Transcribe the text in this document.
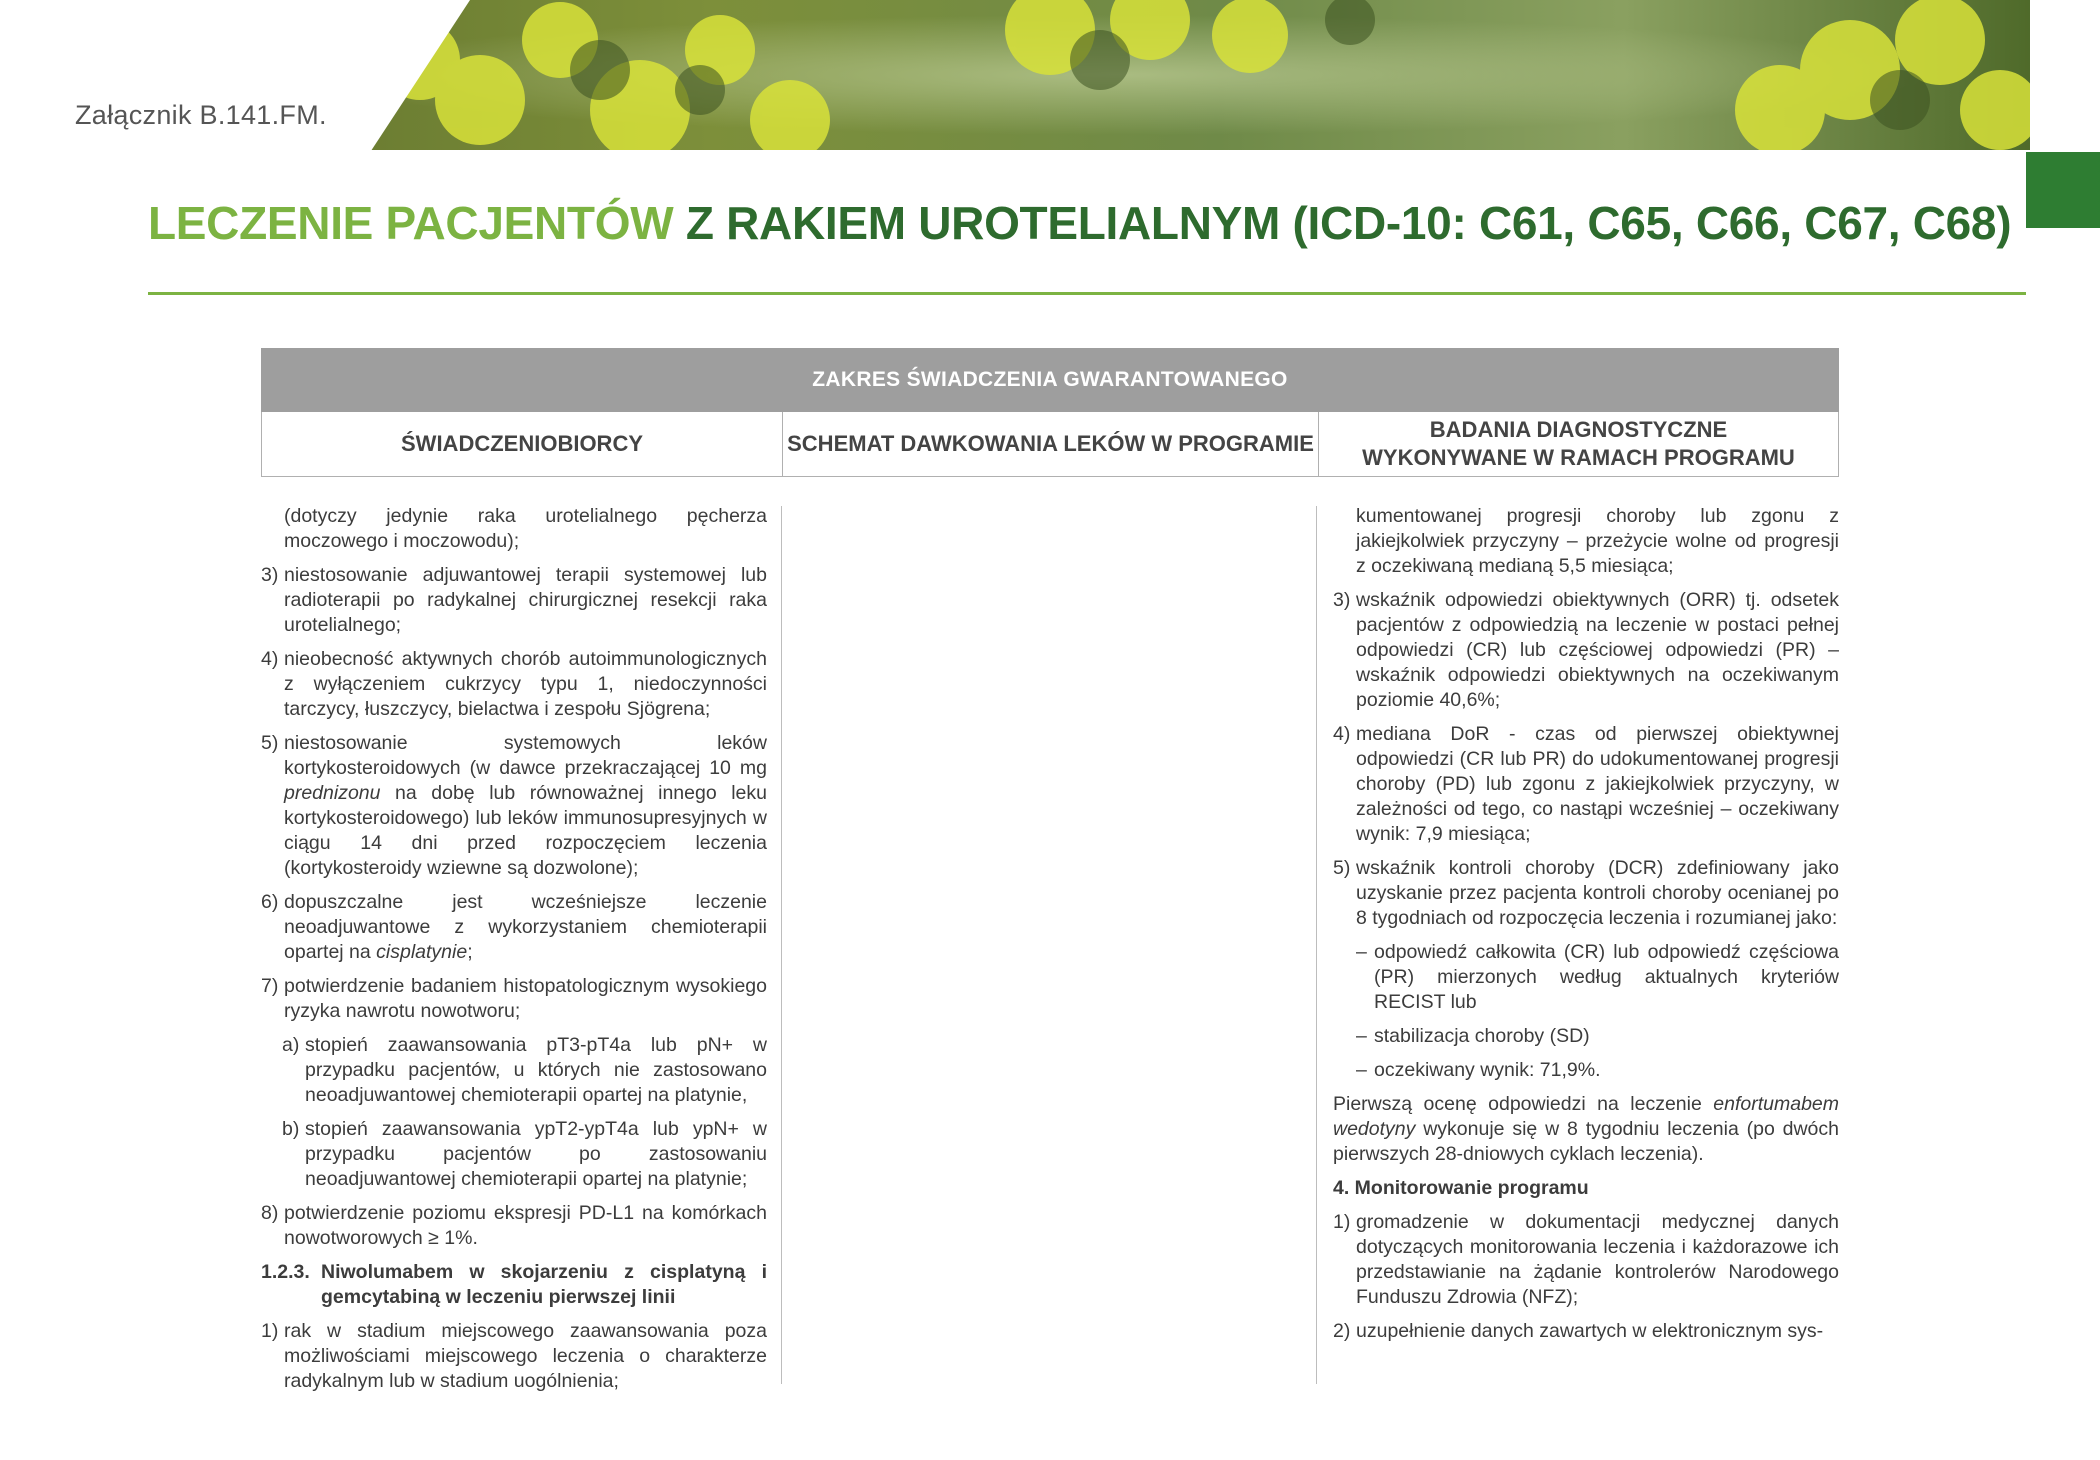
Załącznik B.141.FM.
LECZENIE PACJENTÓW Z RAKIEM UROTELIALNYM (ICD-10: C61, C65, C66, C67, C68)
ZAKRES ŚWIADCZENIA GWARANTOWANEGO
ŚWIADCZENIOBIORCY	SCHEMAT DAWKOWANIA LEKÓW W PROGRAMIE
BADANIA DIAGNOSTYCZNE WYKONYWANE W RAMACH PROGRAMU
(dotyczy jedynie raka urotelialnego pęcherza moczowego i moczowodu);
3) niestosowanie adjuwantowej terapii systemowej lub radioterapii po radykalnej chirurgicznej resekcji raka urotelialnego;
4) nieobecność aktywnych chorób autoimmunologicznych z wyłączeniem cukrzycy typu 1, niedoczynności tarczycy, łuszczycy, bielactwa i zespołu Sjögrena;
5) niestosowanie systemowych leków kortykosteroidowych (w dawce przekraczającej 10 mg prednizonu na dobę lub równoważnej innego leku kortykosteroidowego) lub leków immunosupresyjnych w ciągu 14 dni przed rozpoczęciem leczenia (kortykosteroidy wziewne są dozwolone);
6) dopuszczalne jest wcześniejsze leczenie neoadjuwantowe z wykorzystaniem chemioterapii opartej na cisplatynie;
7) potwierdzenie badaniem histopatologicznym wysokiego ryzyka nawrotu nowotworu;
a) stopień zaawansowania pT3-pT4a lub pN+ w przypadku pacjentów, u których nie zastosowano neoadjuwantowej chemioterapii opartej na platynie,
b) stopień zaawansowania ypT2-ypT4a lub ypN+ w przypadku pacjentów po zastosowaniu neoadjuwantowej chemioterapii opartej na platynie;
8) potwierdzenie poziomu ekspresji PD-L1 na komórkach nowotworowych ≥ 1%.
1.2.3. Niwolumabem w skojarzeniu z cisplatyną i gemcytabiną w leczeniu pierwszej linii
1) rak w stadium miejscowego zaawansowania poza możliwościami miejscowego leczenia o charakterze radykalnym lub w stadium uogólnienia;
kumentowanej progresji choroby lub zgonu z jakiejkolwiek przyczyny – przeżycie wolne od progresji z oczekiwaną medianą 5,5 miesiąca;
3) wskaźnik odpowiedzi obiektywnych (ORR) tj. odsetek pacjentów z odpowiedzią na leczenie w postaci pełnej odpowiedzi (CR) lub częściowej odpowiedzi (PR) – wskaźnik odpowiedzi obiektywnych na oczekiwanym poziomie 40,6%;
4) mediana DoR - czas od pierwszej obiektywnej odpowiedzi (CR lub PR) do udokumentowanej progresji choroby (PD) lub zgonu z jakiejkolwiek przyczyny, w zależności od tego, co nastąpi wcześniej – oczekiwany wynik: 7,9 miesiąca;
5) wskaźnik kontroli choroby (DCR) zdefiniowany jako uzyskanie przez pacjenta kontroli choroby ocenianej po 8 tygodniach od rozpoczęcia leczenia i rozumianej jako:
– odpowiedź całkowita (CR) lub odpowiedź częściowa (PR) mierzonych według aktualnych kryteriów RECIST lub
– stabilizacja choroby (SD)
– oczekiwany wynik: 71,9%.
Pierwszą ocenę odpowiedzi na leczenie enfortumabem wedotyny wykonuje się w 8 tygodniu leczenia (po dwóch pierwszych 28-dniowych cyklach leczenia).
4. Monitorowanie programu
1) gromadzenie w dokumentacji medycznej danych dotyczących monitorowania leczenia i każdorazowe ich przedstawianie na żądanie kontrolerów Narodowego Funduszu Zdrowia (NFZ);
2) uzupełnienie danych zawartych w elektronicznym sys-
